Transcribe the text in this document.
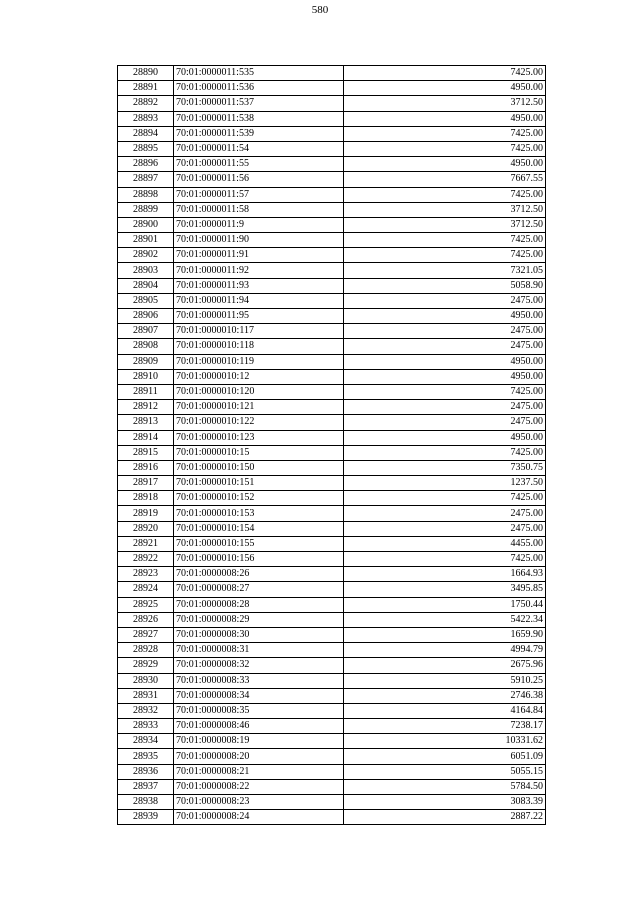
580
28890	70:01:0000011:535	7425.00
28891	70:01:0000011:536	4950.00
28892	70:01:0000011:537	3712.50
28893	70:01:0000011:538	4950.00
28894	70:01:0000011:539	7425.00
28895	70:01:0000011:54	7425.00
28896	70:01:0000011:55	4950.00
28897	70:01:0000011:56	7667.55
28898	70:01:0000011:57	7425.00
28899	70:01:0000011:58	3712.50
28900	70:01:0000011:9	3712.50
28901	70:01:0000011:90	7425.00
28902	70:01:0000011:91	7425.00
28903	70:01:0000011:92	7321.05
28904	70:01:0000011:93	5058.90
28905	70:01:0000011:94	2475.00
28906	70:01:0000011:95	4950.00
28907	70:01:0000010:117	2475.00
28908	70:01:0000010:118	2475.00
28909	70:01:0000010:119	4950.00
28910	70:01:0000010:12	4950.00
28911	70:01:0000010:120	7425.00
28912	70:01:0000010:121	2475.00
28913	70:01:0000010:122	2475.00
28914	70:01:0000010:123	4950.00
28915	70:01:0000010:15	7425.00
28916	70:01:0000010:150	7350.75
28917	70:01:0000010:151	1237.50
28918	70:01:0000010:152	7425.00
28919	70:01:0000010:153	2475.00
28920	70:01:0000010:154	2475.00
28921	70:01:0000010:155	4455.00
28922	70:01:0000010:156	7425.00
28923	70:01:0000008:26	1664.93
28924	70:01:0000008:27	3495.85
28925	70:01:0000008:28	1750.44
28926	70:01:0000008:29	5422.34
28927	70:01:0000008:30	1659.90
28928	70:01:0000008:31	4994.79
28929	70:01:0000008:32	2675.96
28930	70:01:0000008:33	5910.25
28931	70:01:0000008:34	2746.38
28932	70:01:0000008:35	4164.84
28933	70:01:0000008:46	7238.17
28934	70:01:0000008:19	10331.62
28935	70:01:0000008:20	6051.09
28936	70:01:0000008:21	5055.15
28937	70:01:0000008:22	5784.50
28938	70:01:0000008:23	3083.39
28939	70:01:0000008:24	2887.22
